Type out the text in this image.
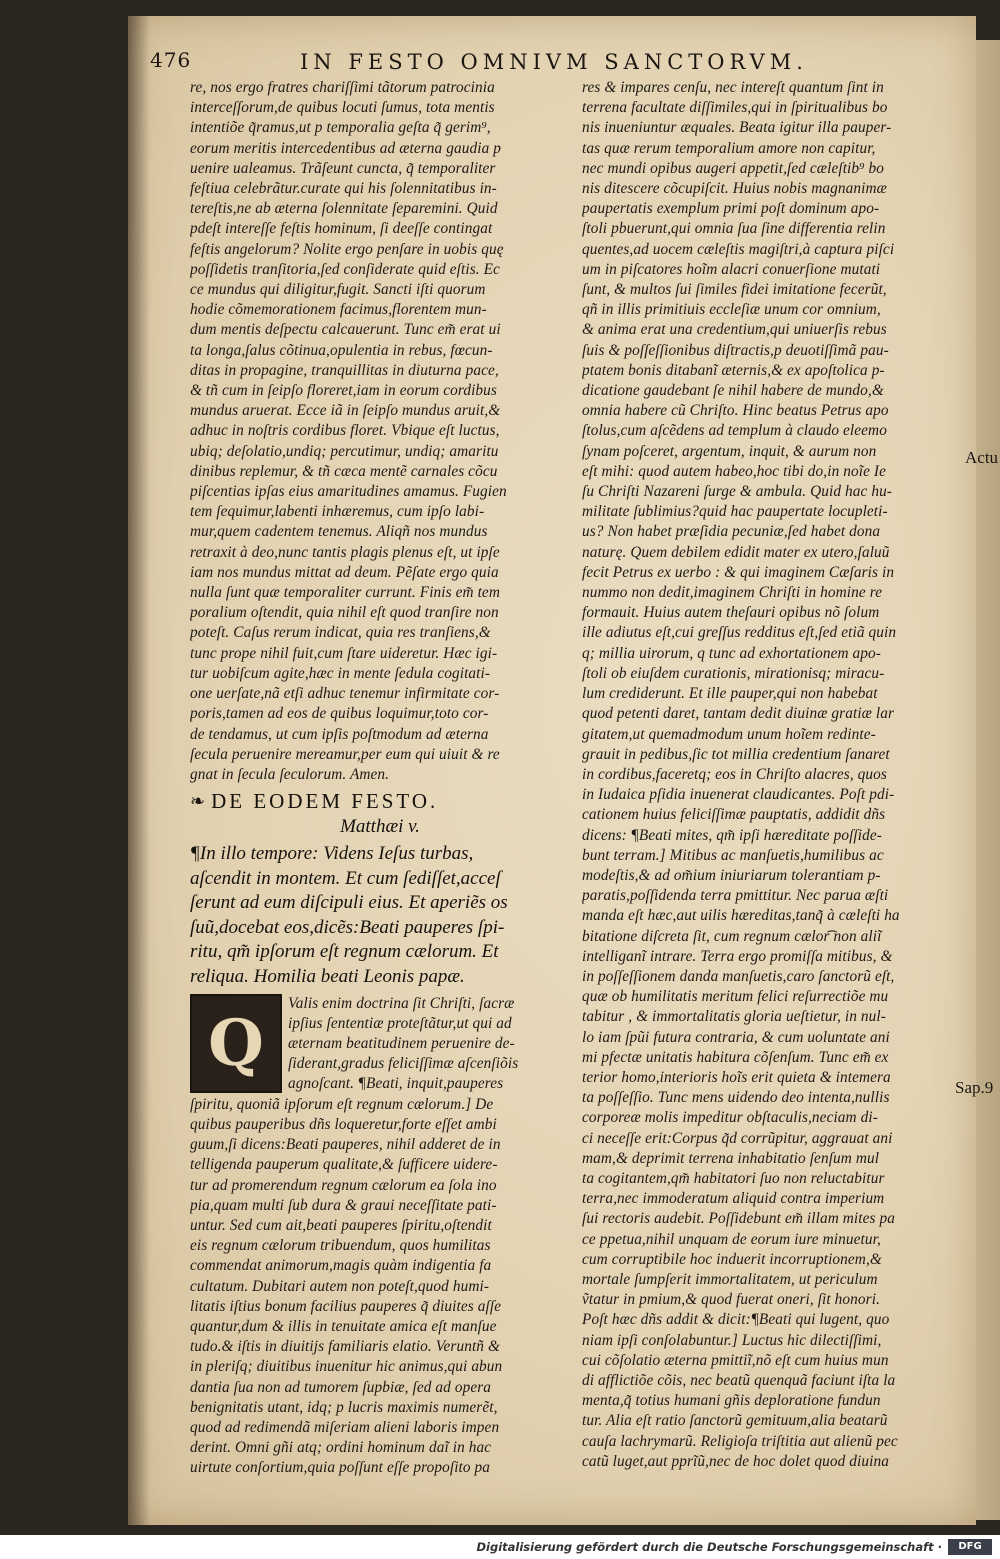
476	IN FESTO OMNIVM SANCTORVM.
re, nos ergo fratres chariſſimi tãtorum patrocinia
interceſſorum,de quibus locuti ſumus, tota mentis
intentiõe q̃ramus,ut p temporalia geſta q̃ gerim⁹,
eorum meritis intercedentibus ad æterna gaudia p
uenire ualeamus. Trãſeunt cuncta, q̃ temporaliter
feſtiua celebrãtur.curate qui his ſolennitatibus in-
tereſtis,ne ab æterna ſolennitate ſeparemini. Quid
pdeſt intereſſe feſtis hominum, ſi deeſſe contingat
feſtis angelorum? Nolite ergo penſare in uobis quę
poſſidetis tranſitoria,ſed conſiderate quid eſtis. Ec
ce mundus qui diligitur,fugit. Sancti iſti quorum
hodie cõmemorationem facimus,florentem mun-
dum mentis deſpectu calcauerunt. Tunc em̃ erat ui
ta longa,ſalus cõtinua,opulentia in rebus, fœcun-
ditas in propagine, tranquillitas in diuturna pace,
& tñ cum in ſeipſo floreret,iam in eorum cordibus
mundus aruerat. Ecce iã in ſeipſo mundus aruit,&
adhuc in noſtris cordibus floret. Vbique eſt luctus,
ubiq; deſolatio,undiq; percutimur, undiq; amaritu
dinibus replemur, & tñ cæca mentẽ carnales cõcu
piſcentias ipſas eius amaritudines amamus. Fugien
tem ſequimur,labenti inhæremus, cum ipſo labi-
mur,quem cadentem tenemus. Aliqñ nos mundus
retraxit à deo,nunc tantis plagis plenus eſt, ut ipſe
iam nos mundus mittat ad deum. Pẽſate ergo quia
nulla ſunt quæ temporaliter currunt. Finis em̃ tem
poralium oſtendit, quia nihil eſt quod tranſire non
poteſt. Caſus rerum indicat, quia res tranſiens,&
tunc prope nihil fuit,cum ſtare uideretur. Hæc igi-
tur uobiſcum agite,hæc in mente ſedula cogitati-
one uerſate,nã etſi adhuc tenemur infirmitate cor-
poris,tamen ad eos de quibus loquimur,toto cor-
de tendamus, ut cum ipſis poſtmodum ad æterna
ſecula peruenire mereamur,per eum qui uiuit & re
gnat in ſecula ſeculorum. Amen.
❧ DE EODEM FESTO.
Matthæi v.
¶In illo tempore: Videns Ieſus turbas,
aſcendit in montem. Et cum ſediſſet,acceſ
ſerunt ad eum diſcipuli eius. Et aperiẽs os
ſuũ,docebat eos,dicẽs:Beati pauperes ſpi-
ritu, qm̃ ipſorum eſt regnum cælorum. Et
reliqua. Homilia beati Leonis papæ.
Q
Valis enim doctrina ſit Chriſti, ſacræ
ipſius ſententiæ proteſtãtur,ut qui ad
æternam beatitudinem peruenire de-
ſiderant,gradus feliciſſimæ aſcenſiõis
agnoſcant. ¶Beati, inquit,pauperes
ſpiritu, quoniã ipſorum eſt regnum cælorum.] De
quibus pauperibus dñs loqueretur,forte eſſet ambi
guum,ſi dicens:Beati pauperes, nihil adderet de in
telligenda pauperum qualitate,& ſufficere uidere-
tur ad promerendum regnum cælorum ea ſola ino
pia,quam multi ſub dura & graui neceſſitate pati-
untur. Sed cum ait,beati pauperes ſpiritu,oſtendit
eis regnum cælorum tribuendum, quos humilitas
commendat animorum,magis quàm indigentia fa
cultatum. Dubitari autem non poteſt,quod humi-
litatis iſtius bonum facilius pauperes q̃ diuites aſſe
quantur,dum & illis in tenuitate amica eſt manſue
tudo.& iſtis in diuitijs familiaris elatio. Veruntñ &
in pleriſq; diuitibus inuenitur hic animus,qui abun
dantia ſua non ad tumorem ſupbiæ, ſed ad opera
benignitatis utant, idq; p lucris maximis numerẽt,
quod ad redimendã miſeriam alieni laboris impen
derint. Omni gñi atq; ordini hominum daĩ in hac
uirtute conſortium,quia poſſunt eſſe propoſito pa
res & impares cenſu, nec intereſt quantum ſint in
terrena facultate diſſimiles,qui in ſpiritualibus bo
nis inueniuntur æquales. Beata igitur illa pauper-
tas quæ rerum temporalium amore non capitur,
nec mundi opibus augeri appetit,ſed cæleſtib⁹ bo
nis ditescere cõcupiſcit. Huius nobis magnanimæ
paupertatis exemplum primi poſt dominum apo-
ſtoli pbuerunt,qui omnia ſua ſine differentia relin
quentes,ad uocem cæleſtis magiſtri,à captura piſci
um in piſcatores hoĩm alacri conuerſione mutati
ſunt, & multos ſui ſimiles fidei imitatione fecerũt,
qñ in illis primitiuis eccleſiæ unum cor omnium,
& anima erat una credentium,qui uniuerſis rebus
ſuis & poſſeſſionibus diſtractis,p deuotiſſimã pau-
ptatem bonis ditabanĩ æternis,& ex apoſtolica p-
dicatione gaudebant ſe nihil habere de mundo,&
omnia habere cũ Chriſto. Hinc beatus Petrus apo
ſtolus,cum aſcẽdens ad templum à claudo eleemo
ſynam poſceret, argentum, inquit, & aurum non
eſt mihi: quod autem habeo,hoc tibi do,in noĩe Ie
ſu Chriſti Nazareni ſurge & ambula. Quid hac hu-
militate ſublimius?quid hac paupertate locupleti-
us? Non habet præſidia pecuniæ,ſed habet dona
naturę. Quem debilem edidit mater ex utero,ſaluũ
fecit Petrus ex uerbo : & qui imaginem Cæſaris in
nummo non dedit,imaginem Chriſti in homine re
formauit. Huius autem theſauri opibus nõ ſolum
ille adiutus eſt,cui greſſus redditus eſt,ſed etiã quin
q; millia uirorum, q tunc ad exhortationem apo-
ſtoli ob eiuſdem curationis, mirationisq; miracu-
lum crediderunt. Et ille pauper,qui non habebat
quod petenti daret, tantam dedit diuinæ gratiæ lar
gitatem,ut quemadmodum unum hoĩem redinte-
grauit in pedibus,ſic tot millia credentium ſanaret
in cordibus,faceretq; eos in Chriſto alacres, quos
in Iudaica pſidia inuenerat claudicantes. Poſt pdi-
cationem huius feliciſſimæ pauptatis, addidit dñs
dicens: ¶Beati mites, qm̃ ipſi hæreditate poſſide-
bunt terram.] Mitibus ac manſuetis,humilibus ac
modeſtis,& ad om̃ium iniuriarum tolerantiam p-
paratis,poſſidenda terra pmittitur. Nec parua æſti
manda eſt hæc,aut uilis hæreditas,tanq̃ à cæleſti ha
bitatione diſcreta ſit, cum regnum cælor͡ non aliĩ
intelliganĩ intrare. Terra ergo promiſſa mitibus, &
in poſſeſſionem danda manſuetis,caro ſanctorũ eſt,
quæ ob humilitatis meritum felici reſurrectiõe mu
tabitur , & immortalitatis gloria ueſtietur, in nul-
lo iam ſpũi futura contraria, & cum uoluntate ani
mi pfectæ unitatis habitura cõſenſum. Tunc em̃ ex
terior homo,interioris hoĩs erit quieta & intemera
ta poſſeſſio. Tunc mens uidendo deo intenta,nullis
corporeæ molis impeditur obſtaculis,neciam di-
ci neceſſe erit:Corpus q̃d corrũpitur, aggrauat ani
mam,& deprimit terrena inhabitatio ſenſum mul
ta cogitantem,qm̃ habitatori ſuo non reluctabitur
terra,nec immoderatum aliquid contra imperium
ſui rectoris audebit. Poſſidebunt em̃ illam mites pa
ce ppetua,nihil unquam de eorum iure minuetur,
cum corruptibile hoc induerit incorruptionem,&
mortale ſumpſerit immortalitatem, ut periculum
ṽtatur in pmium,& quod fuerat oneri, ſit honori.
Poſt hæc dñs addit & dicit:¶Beati qui lugent, quo
niam ipſi conſolabuntur.] Luctus hic dilectiſſimi,
cui cõſolatio æterna pmittiĩ,nõ eſt cum huius mun
di afflictiõe cõis, nec beatũ quenquã faciunt iſta la
menta,q̃ totius humani gñis deploratione fundun
tur. Alia eſt ratio ſanctorũ gemituum,alia beatarũ
cauſa lachrymarũ. Religioſa triſtitia aut alienũ pec
catũ luget,aut pprĩũ,nec de hoc dolet quod diuina
Actu
Sap.9
Digitalisierung gefördert durch die Deutsche Forschungsgemeinschaft ·	DFG
